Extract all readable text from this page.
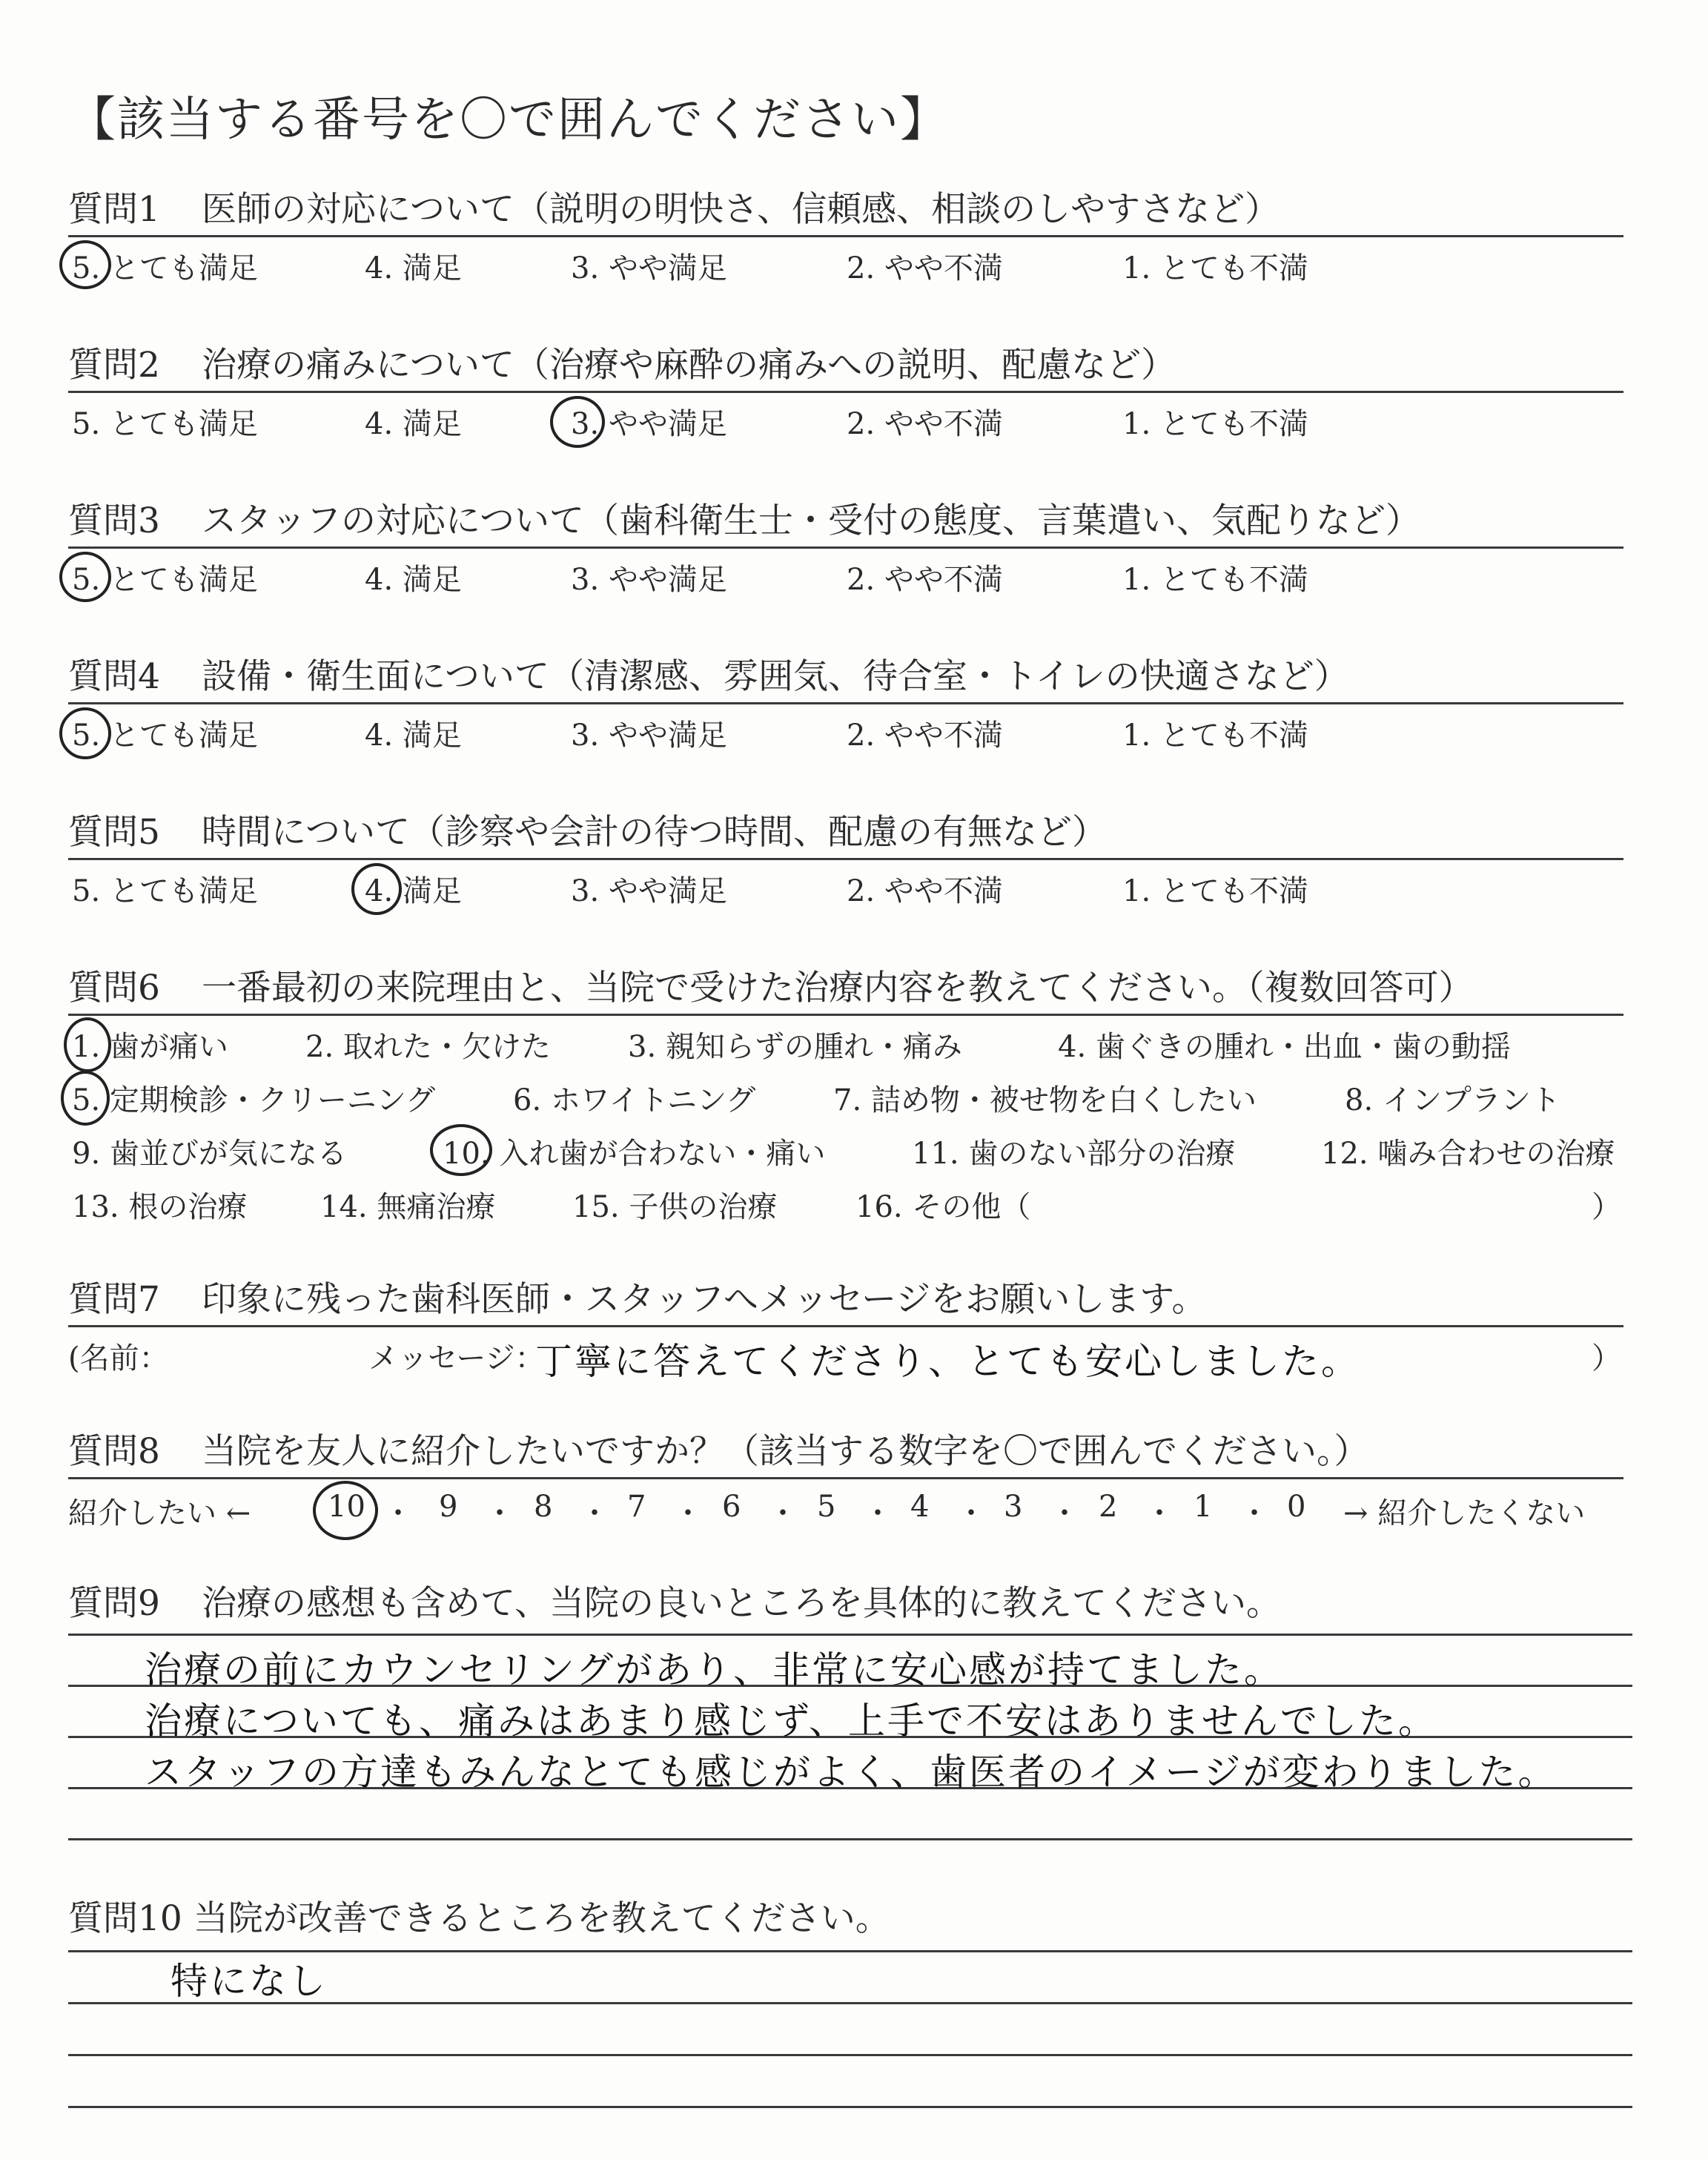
【該当する番号を〇で囲んでください】
質問1 医師の対応について（説明の明快さ、信頼感、相談のしやすさなど）
5. とても満足	4. 満足	3. やや満足	2. やや不満	1. とても不満
質問2 治療の痛みについて（治療や麻酔の痛みへの説明、配慮など）
5. とても満足	4. 満足	3. やや満足	2. やや不満	1. とても不満
質問3 スタッフの対応について（歯科衛生士・受付の態度、言葉遣い、気配りなど）
5. とても満足	4. 満足	3. やや満足	2. やや不満	1. とても不満
質問4 設備・衛生面について（清潔感、雰囲気、待合室・トイレの快適さなど）
5. とても満足	4. 満足	3. やや満足	2. やや不満	1. とても不満
質問5 時間について（診察や会計の待つ時間、配慮の有無など）
5. とても満足	4. 満足	3. やや満足	2. やや不満	1. とても不満
質問6 一番最初の来院理由と、当院で受けた治療内容を教えてください。（複数回答可）
1. 歯が痛い	2. 取れた・欠けた	3. 親知らずの腫れ・痛み	4. 歯ぐきの腫れ・出血・歯の動揺
5. 定期検診・クリーニング	6. ホワイトニング	7. 詰め物・被せ物を白くしたい	8. インプラント
9. 歯並びが気になる	10. 入れ歯が合わない・痛い	11. 歯のない部分の治療	12. 噛み合わせの治療
13. 根の治療 14. 無痛治療	15. 子供の治療	16. その他（	）
質問7 印象に残った歯科医師・スタッフへメッセージをお願いします。
(名前：	メッセージ：
丁寧に答えてくださり、とても安心しました。	）
質問8 当院を友人に紹介したいですか？（該当する数字を〇で囲んでください。）
紹介したい ←	10 ・ 9 ・ 8 ・ 7 ・ 6 ・ 5 ・ 4 ・ 3 ・ 2 ・ 1 ・ 0 → 紹介したくない
質問9 治療の感想も含めて、当院の良いところを具体的に教えてください。
治療の前にカウンセリングがあり、非常に安心感が持てました。
治療についても、痛みはあまり感じず、上手で不安はありませんでした。
スタッフの方達もみんなとても感じがよく、歯医者のイメージが変わりました。
質問10 当院が改善できるところを教えてください。
特になし
